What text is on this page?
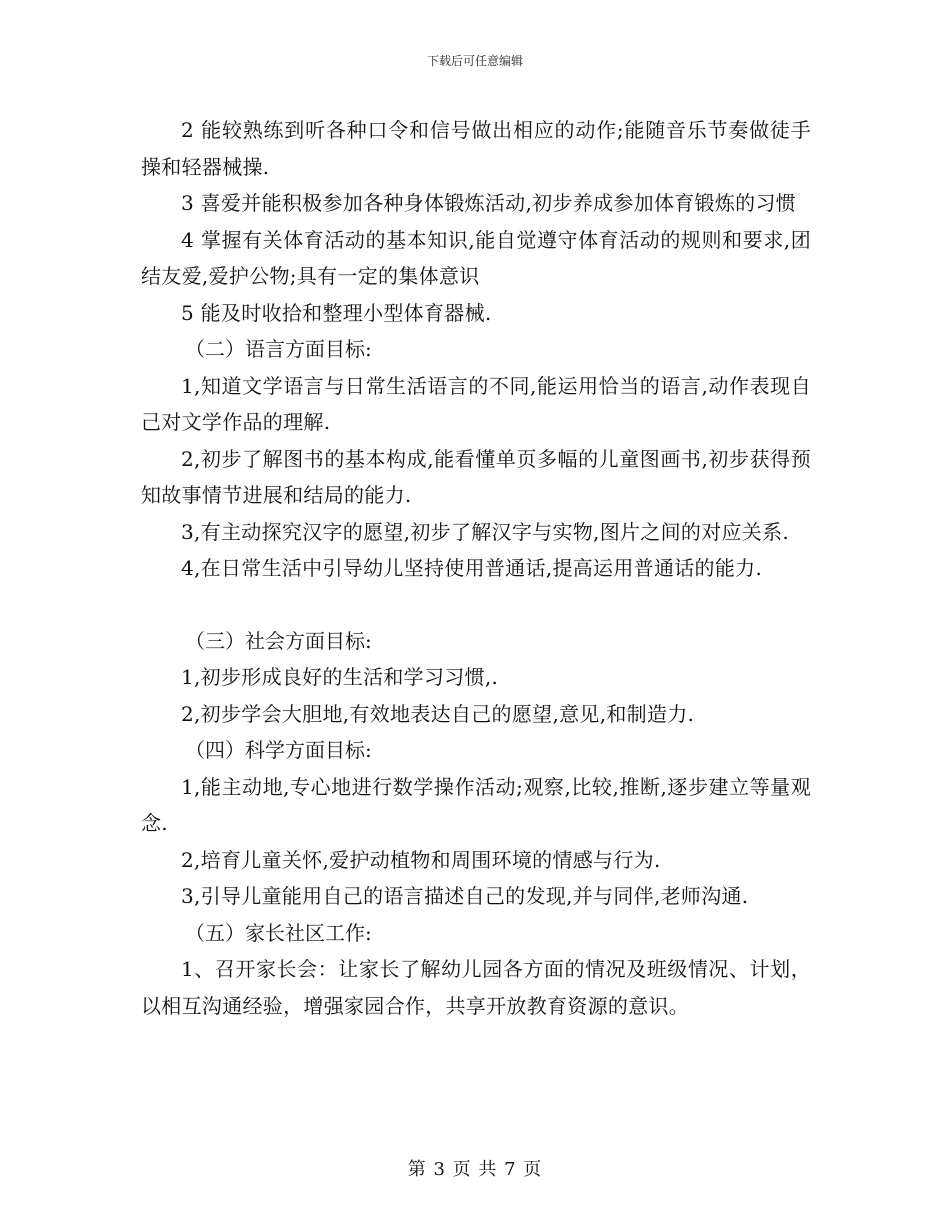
下载后可任意编辑

2 能较熟练到听各种口令和信号做出相应的动作;能随音乐节奏做徒手操和轻器械操.

3 喜爱并能积极参加各种身体锻炼活动,初步养成参加体育锻炼的习惯

4 掌握有关体育活动的基本知识,能自觉遵守体育活动的规则和要求,团结友爱,爱护公物;具有一定的集体意识

5 能及时收拾和整理小型体育器械.

（二）语言方面目标:

1,知道文学语言与日常生活语言的不同,能运用恰当的语言,动作表现自己对文学作品的理解.

2,初步了解图书的基本构成,能看懂单页多幅的儿童图画书,初步获得预知故事情节进展和结局的能力.

3,有主动探究汉字的愿望,初步了解汉字与实物,图片之间的对应关系.

4,在日常生活中引导幼儿坚持使用普通话,提高运用普通话的能力.

（三）社会方面目标:

1,初步形成良好的生活和学习习惯,.

2,初步学会大胆地,有效地表达自己的愿望,意见,和制造力.

（四）科学方面目标:

1,能主动地,专心地进行数学操作活动;观察,比较,推断,逐步建立等量观念.

2,培育儿童关怀,爱护动植物和周围环境的情感与行为.

3,引导儿童能用自己的语言描述自己的发现,并与同伴,老师沟通.

（五）家长社区工作:

1、召开家长会：让家长了解幼儿园各方面的情况及班级情况、计划，以相互沟通经验，增强家园合作，共享开放教育资源的意识。

第 3 页 共 7 页
